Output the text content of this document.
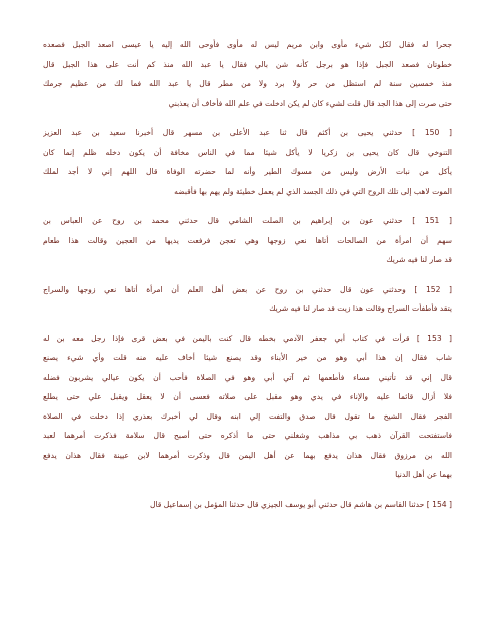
جحرا له فقال لكل شيء مأوى وابن مريم ليس له مأوى فأوحى الله إليه يا عيسى اصعد الجبل فصعده
خطوتان فصعد الجبل فإذا هو برجل كأنه شن بالي فقال يا عبد الله منذ كم أنت على هذا الجبل قال
منذ خمسين سنة لم استظل من حر ولا برد ولا من مطر قال يا عبد الله فما لك من عظيم جرمك
حتى صرت إلى هذا الجد قال قلت لشيء كان لم يكن ادخلت في علم الله فأخاف أن يعذبني
[ 150 ] حدثني يحيى بن أكثم قال ثنا عبد الأعلى بن مسهر قال أخبرنا سعيد بن عبد العزيز
التنوخي قال كان يحيى بن زكريا لا يأكل شيئا مما في الناس مخافة أن يكون دخله ظلم إنما كان
يأكل من نبات الأرض وليس من مسوك الطير وأنه لما حضرته الوفاة قال اللهم إني لا أجد لملك
الموت لاهب إلى تلك الروح التي في ذلك الجسد الذي لم يعمل خطيئة ولم يهم بها فأقبضه
[ 151 ] حدثني عون بن إبراهيم بن الصلت الشامي قال حدثني محمد بن روح عن العباس بن
سهم أن امرأة من الصالحات أتاها نعي زوجها وهي تعجن فرفعت يديها من العجين وقالت هذا طعام
قد صار لنا فيه شريك
[ 152 ] وحدثني عون قال حدثني بن روح عن بعض أهل العلم أن امرأة أتاها نعي زوجها والسراج
يتقد فأطفأت السراج وقالت هذا زيت قد صار لنا فيه شريك
[ 153 ] قرأت في كتاب أبي جعفر الآدمي بخطه قال كنت باليمن في بعض قرى فإذا رجل معه بن له
شاب فقال إن هذا أبي وهو من خير الأبناء وقد يصنع شيئا أخاف عليه منه قلت وأي شيء يصنع
قال إني قد تأتيني مساء فأطعمها ثم آتي أبي وهو في الصلاة فأحب أن يكون عيالي يشربون فضله
فلا أزال قائما عليه والإناء في يدي وهو مقبل على صلاته فعسى أن لا يعقل ويقبل علي حتى يطلع
الفجر فقال الشيخ ما تقول قال صدق والتفت إلي ابنه وقال لي أخبرك بعذري إذا دخلت في الصلاة
فاستفتحت القرآن ذهب بي مذاهب وشغلني حتى ما أذكره حتى أصبح قال سلامة فذكرت أمرهما لعبد
الله بن مرزوق فقال هذان يدفع بهما عن أهل اليمن قال وذكرت أمرهما لابن عيينة فقال هذان يدفع
بهما عن أهل الدنيا
[ 154 ] حدثنا القاسم بن هاشم قال حدثني أبو يوسف الجيزي قال حدثنا المؤمل بن إسماعيل قال
